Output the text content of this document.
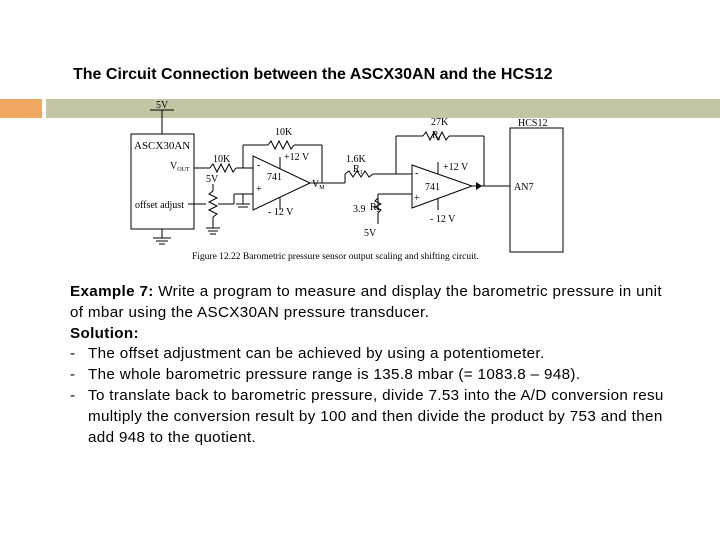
The Circuit Connection between the ASCX30AN and the HCS12
5V
ASCX30AN
$V_{OUT}$
offset adjust
10K
10K
5V
+12 V
741
- 12 V
-
+	$V_M$
1.6K
$R_1$
27K
$R_f$
+12 V
741
- 12 V
-
+
3.9 $R_2$
5V
HCS12
AN7
Figure 12.22 Barometric pressure sensor output scaling and shifting circuit.
Example 7: Write a program to measure and display the barometric pressure in unit
of mbar using the ASCX30AN pressure transducer.
Solution:
- The offset adjustment can be achieved by using a potentiometer.
- The whole barometric pressure range is 135.8 mbar (= 1083.8 – 948).
- To translate back to barometric pressure, divide 7.53 into the A/D conversion resu
multiply the conversion result by 100 and then divide the product by 753 and then
add 948 to the quotient.
